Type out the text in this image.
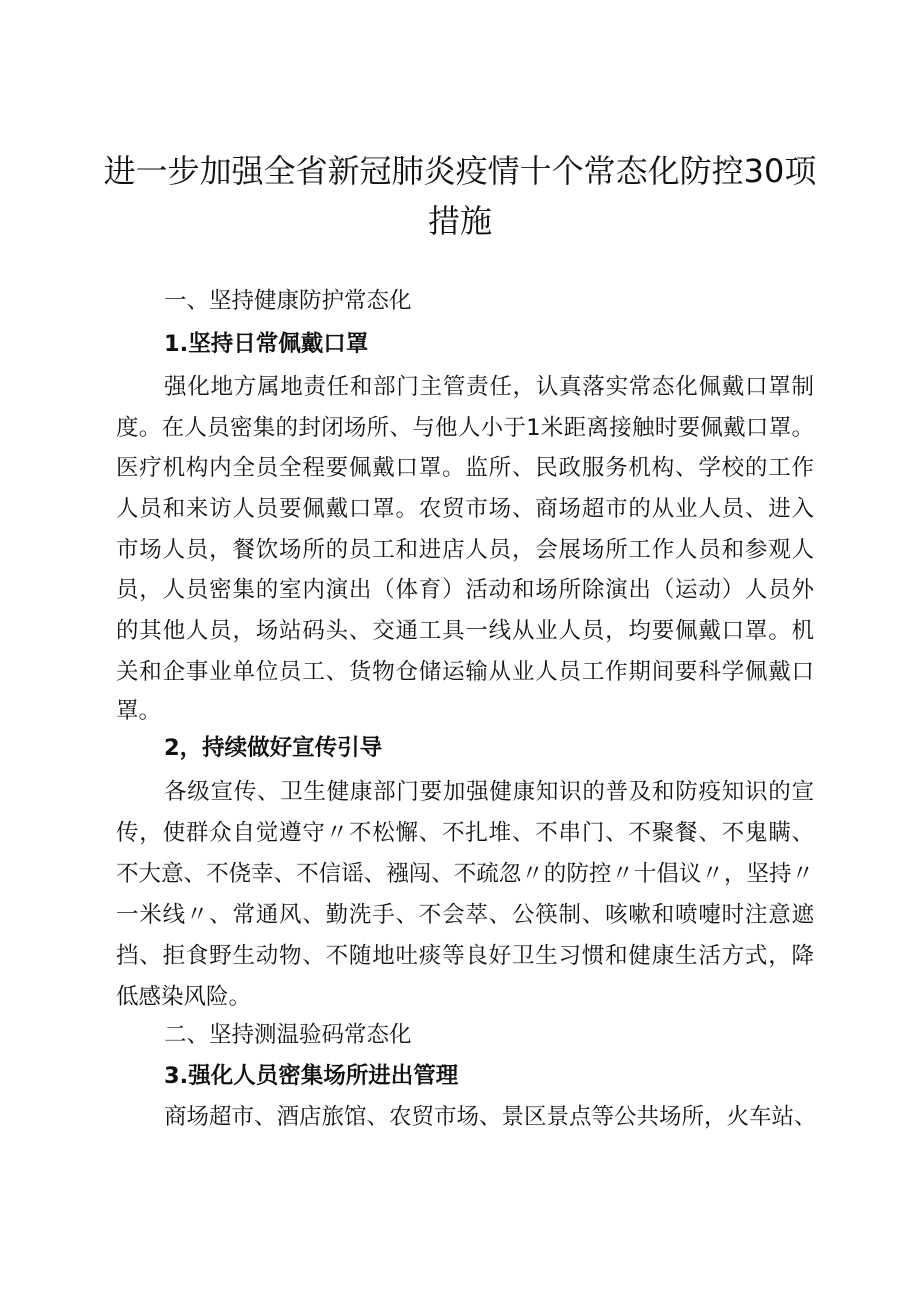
进一步加强全省新冠肺炎疫情十个常态化防控30项措施

一、坚持健康防护常态化

1.坚持日常佩戴口罩

强化地方属地责任和部门主管责任，认真落实常态化佩戴口罩制

度。在人员密集的封闭场所、与他人小于1米距离接触时要佩戴口罩。

医疗机构内全员全程要佩戴口罩。监所、民政服务机构、学校的工作

人员和来访人员要佩戴口罩。农贸市场、商场超市的从业人员、进入

市场人员，餐饮场所的员工和进店人员，会展场所工作人员和参观人

员，人员密集的室内演出（体育）活动和场所除演出（运动）人员外

的其他人员，场站码头、交通工具一线从业人员，均要佩戴口罩。机

关和企事业单位员工、货物仓储运输从业人员工作期间要科学佩戴口

罩。

2，持续做好宣传引导

各级宣传、卫生健康部门要加强健康知识的普及和防疫知识的宣

传，使群众自觉遵守〃不松懈、不扎堆、不串门、不聚餐、不鬼瞒、

不大意、不侥幸、不信谣、襁闯、不疏忽〃的防控〃十倡议〃，坚持〃

一米线〃、常通风、勤洗手、不会萃、公筷制、咳嗽和喷嚏时注意遮

挡、拒食野生动物、不随地吐痰等良好卫生习惯和健康生活方式，降

低感染风险。

二、坚持测温验码常态化

3.强化人员密集场所进出管理

商场超市、酒店旅馆、农贸市场、景区景点等公共场所，火车站、
